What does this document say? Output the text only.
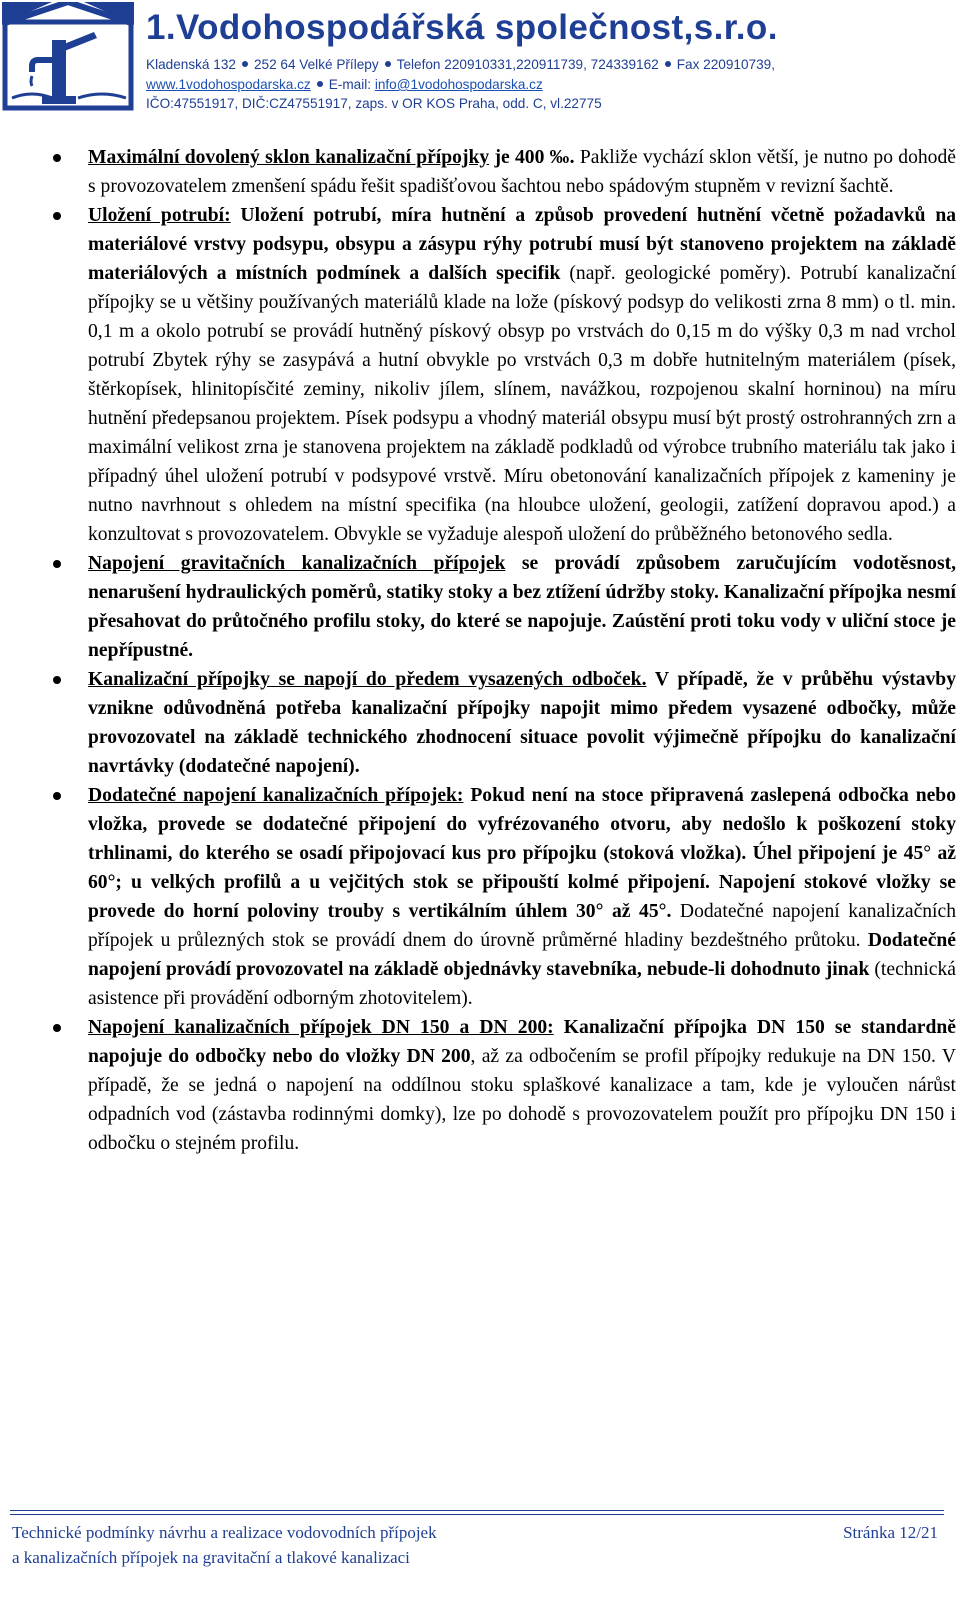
1.Vodohospodářská společnost,s.r.o.
Kladenská 132 252 64 Velké Přílepy Telefon 220910331,220911739, 724339162 Fax 220910739,
www.1vodohospodarska.cz E-mail: info@1vodohospodarska.cz
IČO:47551917, DIČ:CZ47551917, zaps. v OR KOS Praha, odd. C, vl.22775

Maximální dovolený sklon kanalizační přípojky je 400 ‰. Pakliže vychází sklon větší, je nutno po dohodě s provozovatelem zmenšení spádu řešit spadišťovou šachtou nebo spádovým stupněm v revizní šachtě.

Uložení potrubí: Uložení potrubí, míra hutnění a způsob provedení hutnění včetně požadavků na materiálové vrstvy podsypu, obsypu a zásypu rýhy potrubí musí být stanoveno projektem na základě materiálových a místních podmínek a dalších specifik (např. geologické poměry). Potrubí kanalizační přípojky se u většiny používaných materiálů klade na lože (pískový podsyp do velikosti zrna 8 mm) o tl. min. 0,1 m a okolo potrubí se provádí hutněný pískový obsyp po vrstvách do 0,15 m do výšky 0,3 m nad vrchol potrubí Zbytek rýhy se zasypává a hutní obvykle po vrstvách 0,3 m dobře hutnitelným materiálem (písek, štěrkopísek, hlinitopísčité zeminy, nikoliv jílem, slínem, navážkou, rozpojenou skalní horninou) na míru hutnění předepsanou projektem. Písek podsypu a vhodný materiál obsypu musí být prostý ostrohranných zrn a maximální velikost zrna je stanovena projektem na základě podkladů od výrobce trubního materiálu tak jako i případný úhel uložení potrubí v podsypové vrstvě. Míru obetonování kanalizačních přípojek z kameniny je nutno navrhnout s ohledem na místní specifika (na hloubce uložení, geologii, zatížení dopravou apod.) a konzultovat s provozovatelem. Obvykle se vyžaduje alespoň uložení do průběžného betonového sedla.

Napojení gravitačních kanalizačních přípojek se provádí způsobem zaručujícím vodotěsnost, nenarušení hydraulických poměrů, statiky stoky a bez ztížení údržby stoky. Kanalizační přípojka nesmí přesahovat do průtočného profilu stoky, do které se napojuje. Zaústění proti toku vody v uliční stoce je nepřípustné.

Kanalizační přípojky se napojí do předem vysazených odboček. V případě, že v průběhu výstavby vznikne odůvodněná potřeba kanalizační přípojky napojit mimo předem vysazené odbočky, může provozovatel na základě technického zhodnocení situace povolit výjimečně přípojku do kanalizační navrtávky (dodatečné napojení).

Dodatečné napojení kanalizačních přípojek: Pokud není na stoce připravená zaslepená odbočka nebo vložka, provede se dodatečné připojení do vyfrézovaného otvoru, aby nedošlo k poškození stoky trhlinami, do kterého se osadí připojovací kus pro přípojku (stoková vložka). Úhel připojení je 45° až 60°; u velkých profilů a u vejčitých stok se připouští kolmé připojení. Napojení stokové vložky se provede do horní poloviny trouby s vertikálním úhlem 30° až 45°. Dodatečné napojení kanalizačních přípojek u průlezných stok se provádí dnem do úrovně průměrné hladiny bezdeštného průtoku. Dodatečné napojení provádí provozovatel na základě objednávky stavebníka, nebude-li dohodnuto jinak (technická asistence při provádění odborným zhotovitelem).

Napojení kanalizačních přípojek DN 150 a DN 200: Kanalizační přípojka DN 150 se standardně napojuje do odbočky nebo do vložky DN 200, až za odbočením se profil přípojky redukuje na DN 150. V případě, že se jedná o napojení na oddílnou stoku splaškové kanalizace a tam, kde je vyloučen nárůst odpadních vod (zástavba rodinnými domky), lze po dohodě s provozovatelem použít pro přípojku DN 150 i odbočku o stejném profilu.

Technické podmínky návrhu a realizace vodovodních přípojek
a kanalizačních přípojek na gravitační a tlakové kanalizaci
Stránka 12/21
